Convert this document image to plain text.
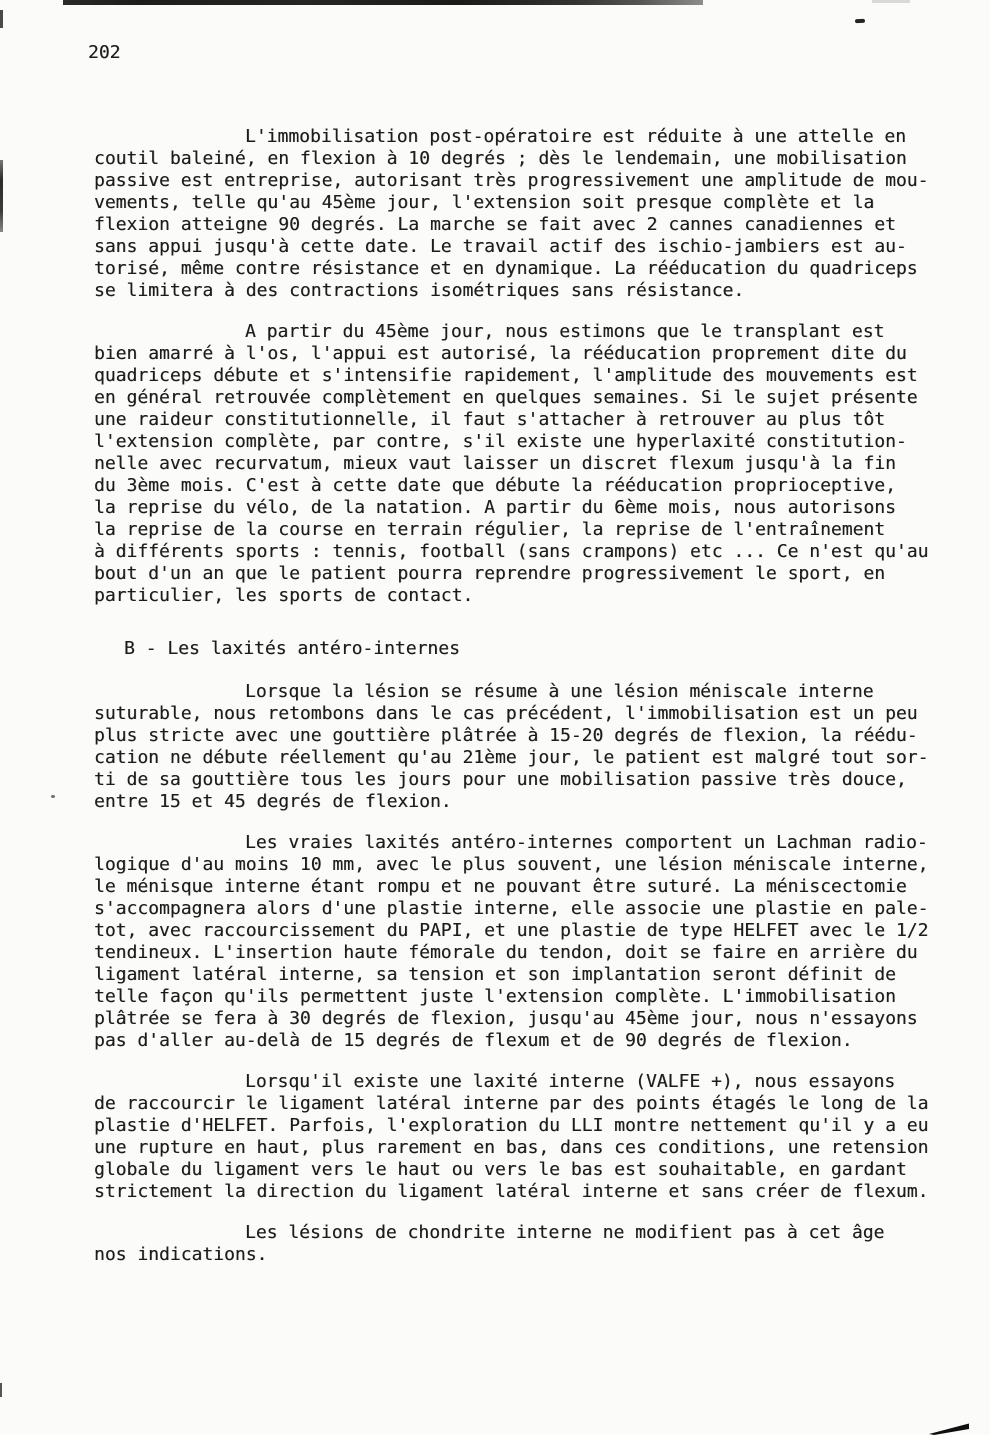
202
L'immobilisation post-opératoire est réduite à une attelle en
coutil baleiné, en flexion à 10 degrés ; dès le lendemain, une mobilisation
passive est entreprise, autorisant très progressivement une amplitude de mou-
vements, telle qu'au 45ème jour, l'extension soit presque complète et la
flexion atteigne 90 degrés. La marche se fait avec 2 cannes canadiennes et
sans appui jusqu'à cette date. Le travail actif des ischio-jambiers est au-
torisé, même contre résistance et en dynamique. La rééducation du quadriceps
se limitera à des contractions isométriques sans résistance.
A partir du 45ème jour, nous estimons que le transplant est
bien amarré à l'os, l'appui est autorisé, la rééducation proprement dite du
quadriceps débute et s'intensifie rapidement, l'amplitude des mouvements est
en général retrouvée complètement en quelques semaines. Si le sujet présente
une raideur constitutionnelle, il faut s'attacher à retrouver au plus tôt
l'extension complète, par contre, s'il existe une hyperlaxité constitution-
nelle avec recurvatum, mieux vaut laisser un discret flexum jusqu'à la fin
du 3ème mois. C'est à cette date que débute la rééducation proprioceptive,
la reprise du vélo, de la natation. A partir du 6ème mois, nous autorisons
la reprise de la course en terrain régulier, la reprise de l'entraînement
à différents sports : tennis, football (sans crampons) etc ... Ce n'est qu'au
bout d'un an que le patient pourra reprendre progressivement le sport, en
particulier, les sports de contact.
B - Les laxités antéro-internes
Lorsque la lésion se résume à une lésion méniscale interne
suturable, nous retombons dans le cas précédent, l'immobilisation est un peu
plus stricte avec une gouttière plâtrée à 15-20 degrés de flexion, la réédu-
cation ne débute réellement qu'au 21ème jour, le patient est malgré tout sor-
ti de sa gouttière tous les jours pour une mobilisation passive très douce,
entre 15 et 45 degrés de flexion.
Les vraies laxités antéro-internes comportent un Lachman radio-
logique d'au moins 10 mm, avec le plus souvent, une lésion méniscale interne,
le ménisque interne étant rompu et ne pouvant être suturé. La méniscectomie
s'accompagnera alors d'une plastie interne, elle associe une plastie en pale-
tot, avec raccourcissement du PAPI, et une plastie de type HELFET avec le 1/2
tendineux. L'insertion haute fémorale du tendon, doit se faire en arrière du
ligament latéral interne, sa tension et son implantation seront définit de
telle façon qu'ils permettent juste l'extension complète. L'immobilisation
plâtrée se fera à 30 degrés de flexion, jusqu'au 45ème jour, nous n'essayons
pas d'aller au-delà de 15 degrés de flexum et de 90 degrés de flexion.
Lorsqu'il existe une laxité interne (VALFE +), nous essayons
de raccourcir le ligament latéral interne par des points étagés le long de la
plastie d'HELFET. Parfois, l'exploration du LLI montre nettement qu'il y a eu
une rupture en haut, plus rarement en bas, dans ces conditions, une retension
globale du ligament vers le haut ou vers le bas est souhaitable, en gardant
strictement la direction du ligament latéral interne et sans créer de flexum.
Les lésions de chondrite interne ne modifient pas à cet âge
nos indications.
